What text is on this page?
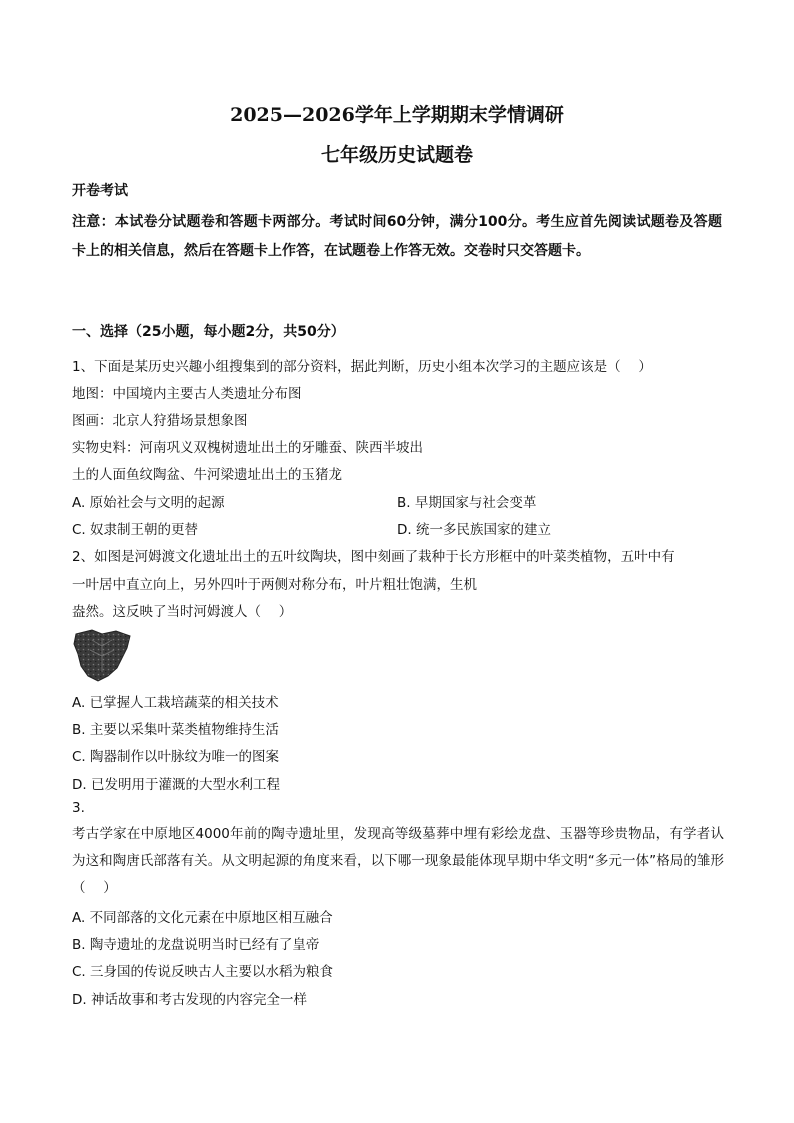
2025—2026学年上学期期末学情调研
七年级历史试题卷
开卷考试
注意：本试卷分试题卷和答题卡两部分。考试时间60分钟，满分100分。考生应首先阅读试题卷及答题卡上的相关信息，然后在答题卡上作答，在试题卷上作答无效。交卷时只交答题卡。
一、选择（25小题，每小题2分，共50分）
1、下面是某历史兴趣小组搜集到的部分资料，据此判断，历史小组本次学习的主题应该是（　 ）
地图：中国境内主要古人类遗址分布图
图画：北京人狩猎场景想象图
实物史料：河南巩义双槐树遗址出土的牙雕蚕、陕西半坡出
土的人面鱼纹陶盆、牛河梁遗址出土的玉猪龙
A. 原始社会与文明的起源	B. 早期国家与社会变革
C. 奴隶制王朝的更替	D. 统一多民族国家的建立
2、如图是河姆渡文化遗址出土的五叶纹陶块，图中刻画了栽种于长方形框中的叶菜类植物，五叶中有
一叶居中直立向上，另外四叶于两侧对称分布，叶片粗壮饱满，生机
盎然。这反映了当时河姆渡人（　 ）
A. 已掌握人工栽培蔬菜的相关技术
B. 主要以采集叶菜类植物维持生活
C. 陶器制作以叶脉纹为唯一的图案
D. 已发明用于灌溉的大型水利工程
3.
考古学家在中原地区4000年前的陶寺遗址里，发现高等级墓葬中埋有彩绘龙盘、玉器等珍贵物品，有学者认为这和陶唐氏部落有关。从文明起源的角度来看，以下哪一现象最能体现早期中华文明“多元一体”格局的雏形（　 ）
A. 不同部落的文化元素在中原地区相互融合
B. 陶寺遗址的龙盘说明当时已经有了皇帝
C. 三身国的传说反映古人主要以水稻为粮食
D. 神话故事和考古发现的内容完全一样
